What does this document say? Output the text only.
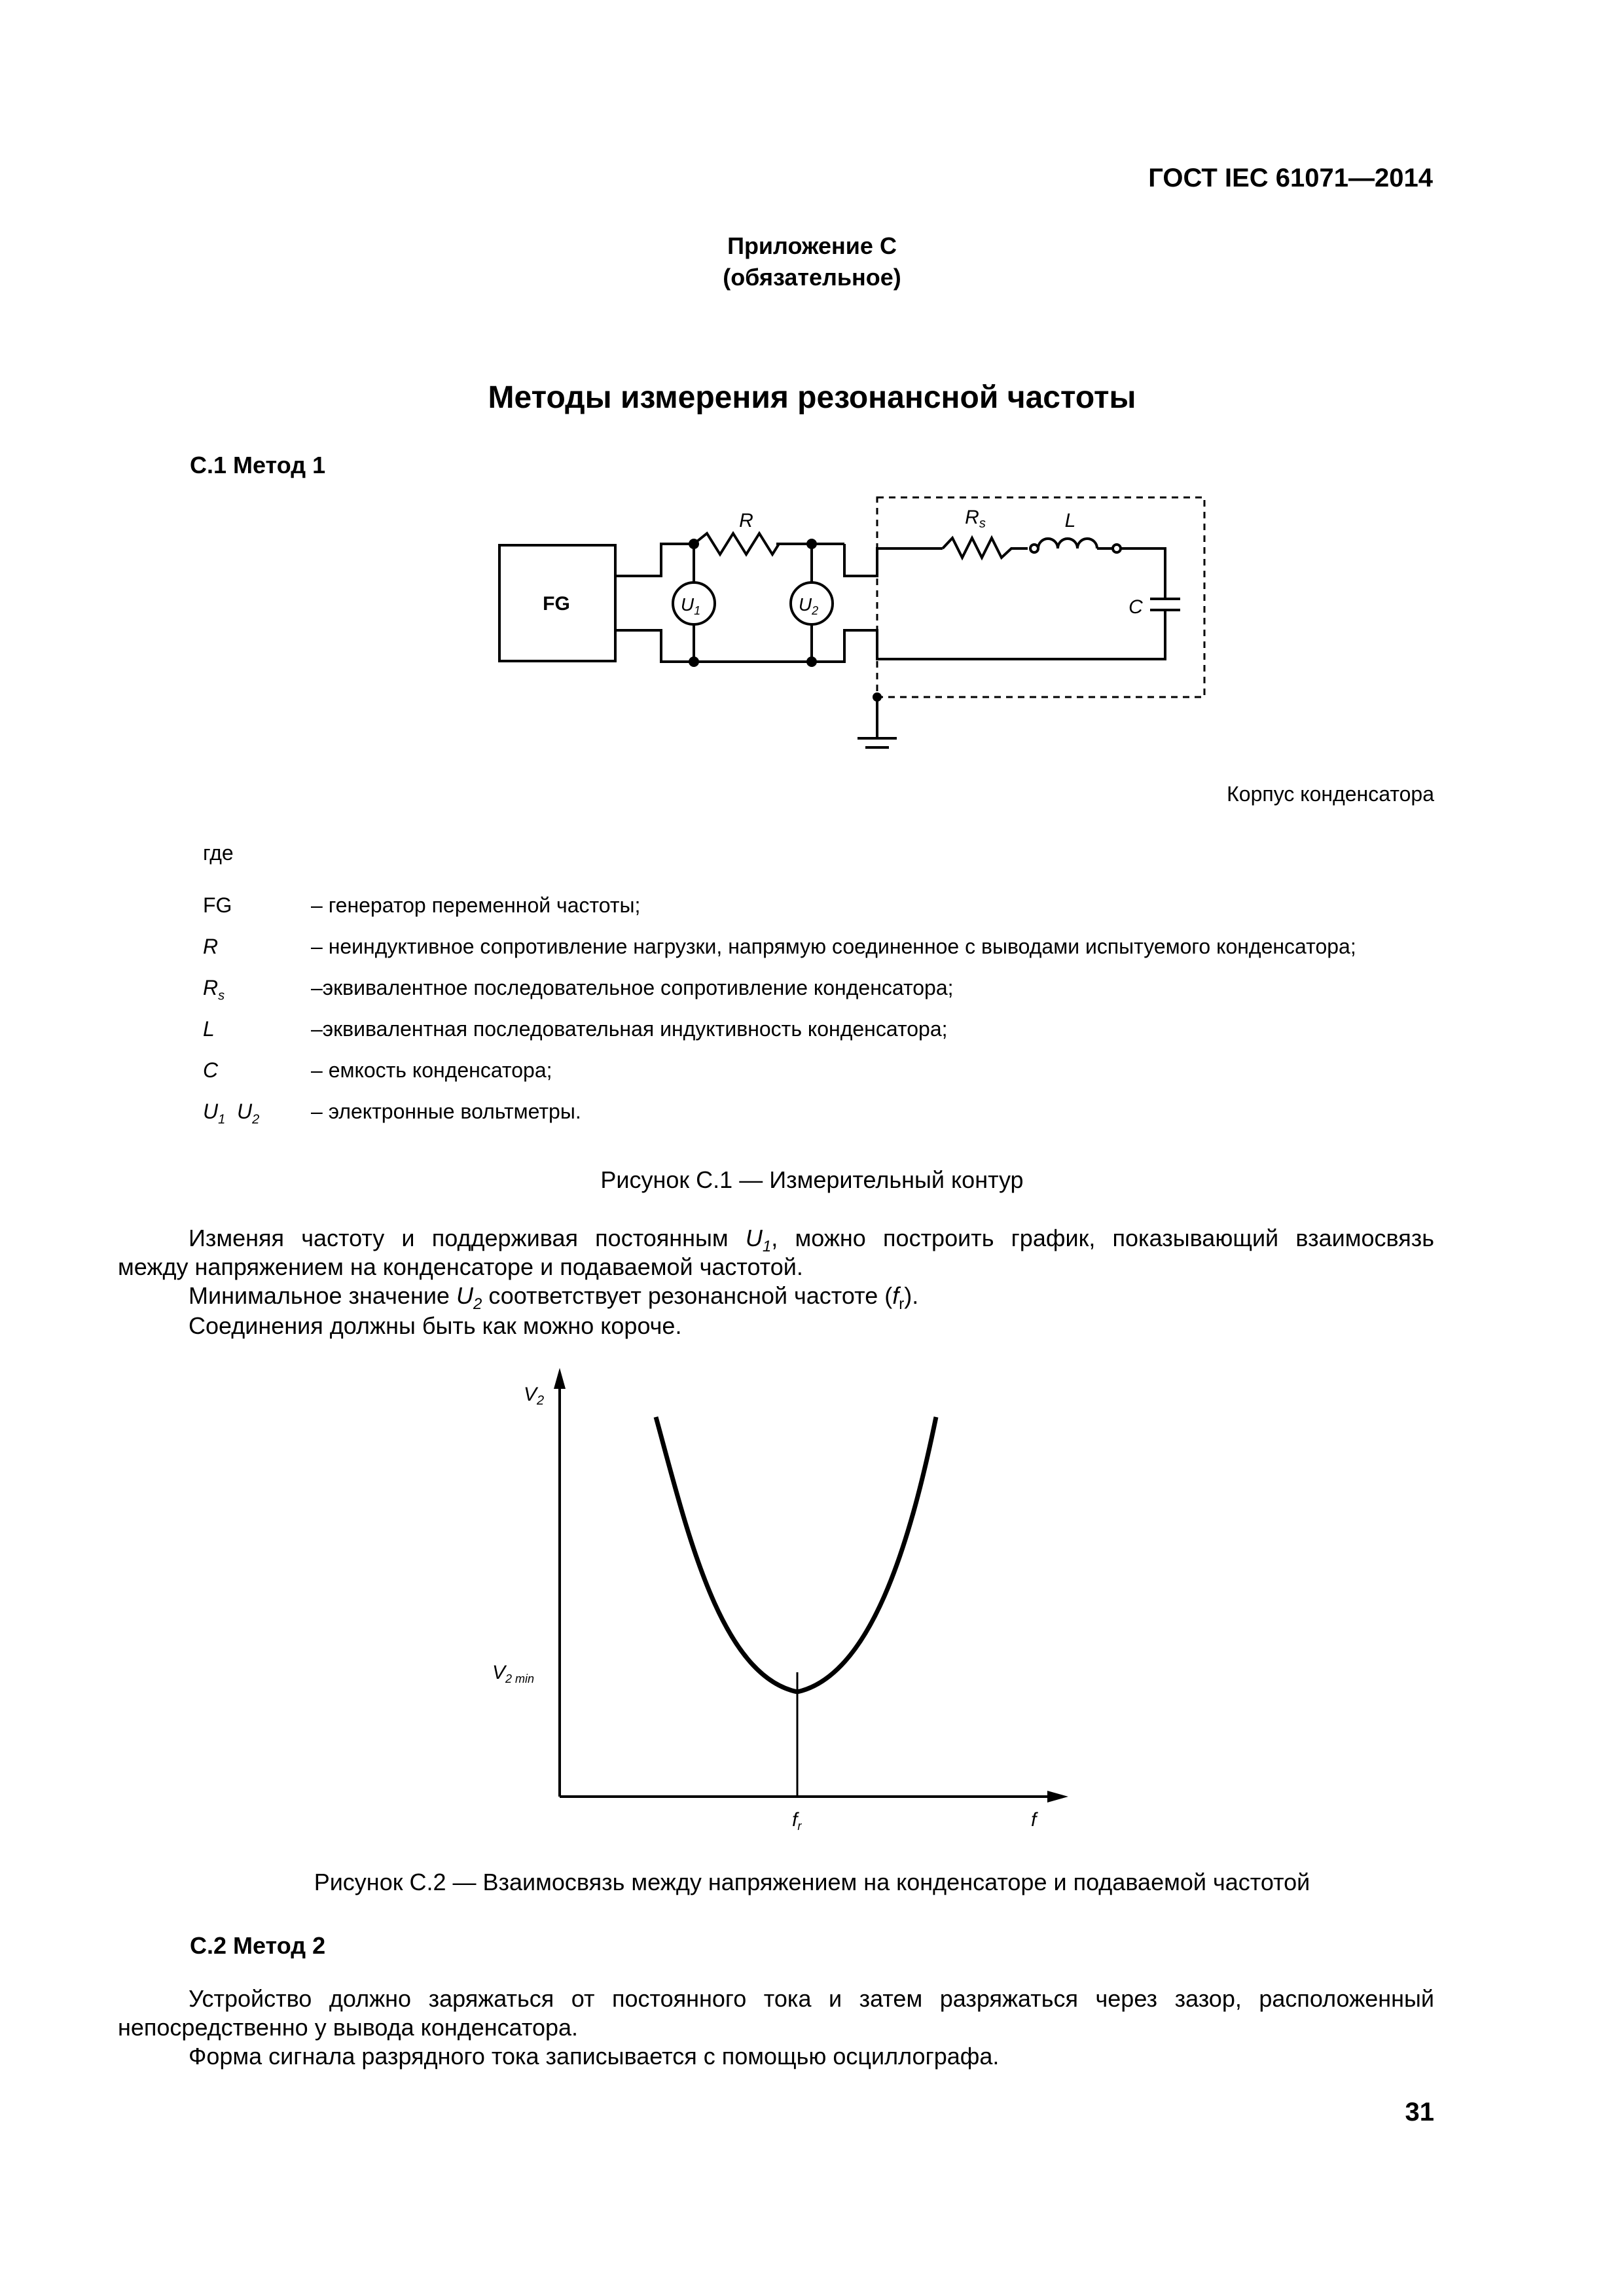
ГОСТ IEC 61071—2014
Приложение C
(обязательное)
Методы измерения резонансной частоты
C.1 Метод 1
FG
R	$R_s$	L
C
$U_1$	$U_2$
Корпус конденсатора
где
FG	– генератор переменной частоты;
R	– неиндуктивное сопротивление нагрузки, напрямую соединенное с выводами испытуемого конденсатора;
$R_s$	–эквивалентное последовательное сопротивление конденсатора;
L	–эквивалентная последовательная индуктивность конденсатора;
C	– емкость конденсатора;
$U_1$ $U_2$	– электронные вольтметры.
Рисунок C.1 — Измерительный контур
Изменяя частоту и поддерживая постоянным $U_1$, можно построить график, показывающий взаимосвязь
между напряжением на конденсаторе и подаваемой частотой.
Минимальное значение $U_2$ соответствует резонансной частоте $(f_r)$.
Соединения должны быть как можно короче.
$V_2$
$V_{2 min}$
$f_r$	f
Рисунок C.2 — Взаимосвязь между напряжением на конденсаторе и подаваемой частотой
C.2 Метод 2
Устройство должно заряжаться от постоянного тока и затем разряжаться через зазор, расположенный
непосредственно у вывода конденсатора.
Форма сигнала разрядного тока записывается с помощью осциллографа.
31
